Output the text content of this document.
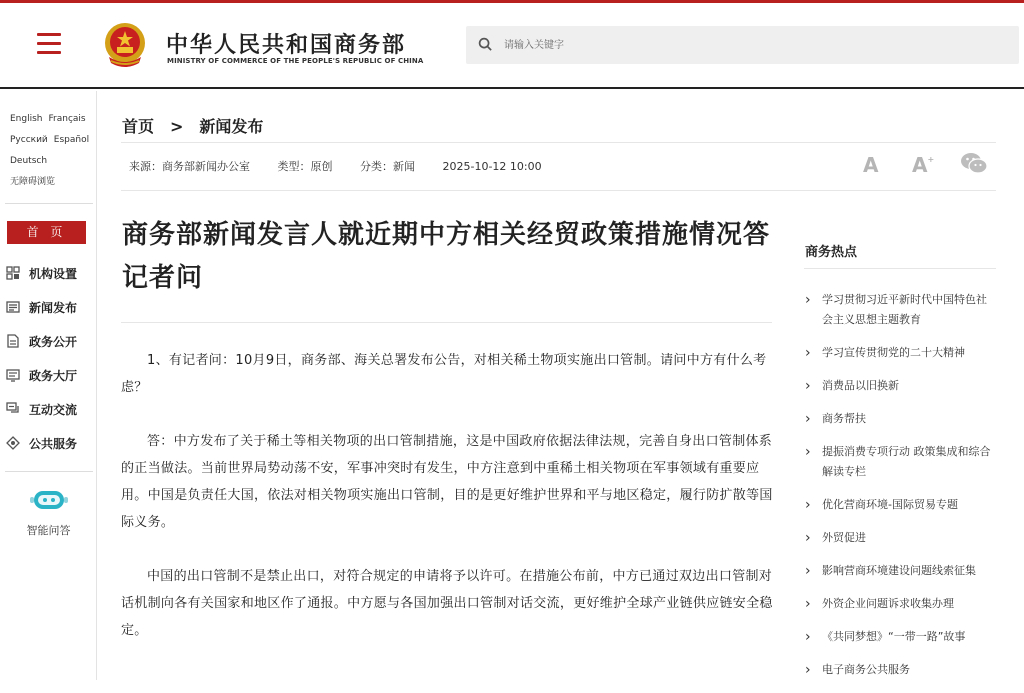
中华人民共和国商务部
MINISTRY OF COMMERCE OF THE PEOPLE'S REPUBLIC OF CHINA
请输入关键字
English Français
Русский Español
Deutsch
无障碍浏览
首 页
机构设置
新闻发布
政务公开
政务大厅
互动交流
公共服务
智能问答
首页 > 新闻发布
来源：商务部新闻办公室	类型：原创	分类：新闻	2025-10-12 10:00	A A+
商务部新闻发言人就近期中方相关经贸政策措施情况答记者问

1、有记者问：10月9日，商务部、海关总署发布公告，对相关稀土物项实施出口管制。请问中方有什么考虑？

答：中方发布了关于稀土等相关物项的出口管制措施，这是中国政府依据法律法规，完善自身出口管制体系的正当做法。当前世界局势动荡不安，军事冲突时有发生，中方注意到中重稀土相关物项在军事领域有重要应用。中国是负责任大国，依法对相关物项实施出口管制，目的是更好维护世界和平与地区稳定，履行防扩散等国际义务。

中国的出口管制不是禁止出口，对符合规定的申请将予以许可。在措施公布前，中方已通过双边出口管制对话机制向各有关国家和地区作了通报。中方愿与各国加强出口管制对话交流，更好维护全球产业链供应链安全稳定。

商务热点
› 学习贯彻习近平新时代中国特色社会主义思想主题教育
› 学习宣传贯彻党的二十大精神
› 消费品以旧换新
› 商务帮扶
› 提振消费专项行动 政策集成和综合解读专栏
› 优化营商环境-国际贸易专题
› 外贸促进
› 影响营商环境建设问题线索征集
› 外资企业问题诉求收集办理
› 《共同梦想》“一带一路”故事
› 电子商务公共服务
